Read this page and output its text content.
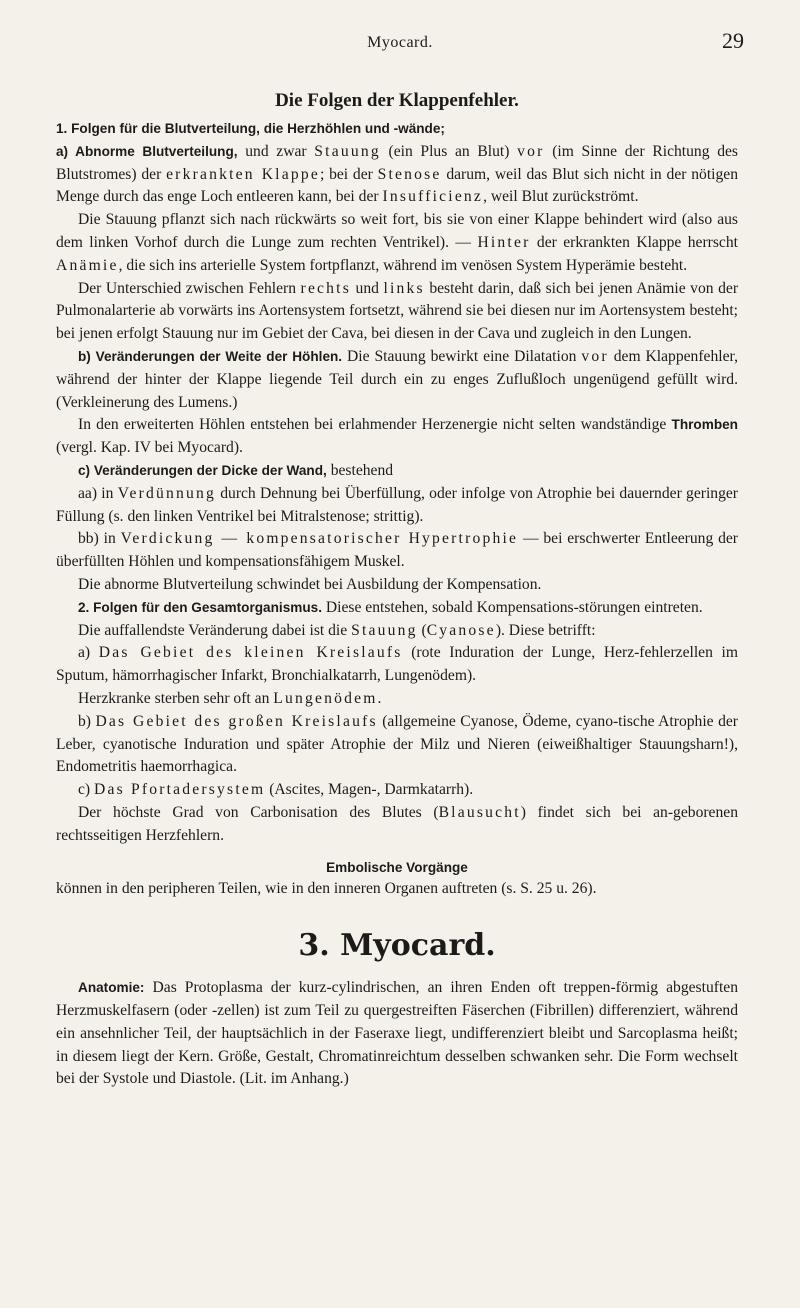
Myocard.	29
Die Folgen der Klappenfehler.

1. Folgen für die Blutverteilung, die Herzhöhlen und -wände;

a) Abnorme Blutverteilung, und zwar Stauung (ein Plus an Blut) vor (im Sinne der Richtung des Blutstromes) der erkrankten Klappe; bei der Stenose darum, weil das Blut sich nicht in der nötigen Menge durch das enge Loch entleeren kann, bei der Insufficienz, weil Blut zurückströmt.

Die Stauung pflanzt sich nach rückwärts so weit fort, bis sie von einer Klappe behindert wird (also aus dem linken Vorhof durch die Lunge zum rechten Ventrikel). — Hinter der erkrankten Klappe herrscht Anämie, die sich ins arterielle System fortpflanzt, während im venösen System Hyperämie besteht.

Der Unterschied zwischen Fehlern rechts und links besteht darin, daß sich bei jenen Anämie von der Pulmonalarterie ab vorwärts ins Aortensystem fortsetzt, während sie bei diesen nur im Aortensystem besteht; bei jenen erfolgt Stauung nur im Gebiet der Cava, bei diesen in der Cava und zugleich in den Lungen.

b) Veränderungen der Weite der Höhlen. Die Stauung bewirkt eine Dilatation vor dem Klappenfehler, während der hinter der Klappe liegende Teil durch ein zu enges Zuflußloch ungenügend gefüllt wird. (Verkleinerung des Lumens.)

In den erweiterten Höhlen entstehen bei erlahmender Herzenergie nicht selten wandständige Thromben (vergl. Kap. IV bei Myocard).

c) Veränderungen der Dicke der Wand, bestehend

aa) in Verdünnung durch Dehnung bei Überfüllung, oder infolge von Atrophie bei dauernder geringer Füllung (s. den linken Ventrikel bei Mitralstenose; strittig).

bb) in Verdickung — kompensatorischer Hypertrophie — bei erschwerter Entleerung der überfüllten Höhlen und kompensationsfähigem Muskel.

Die abnorme Blutverteilung schwindet bei Ausbildung der Kompensation.

2. Folgen für den Gesamtorganismus. Diese entstehen, sobald Kompensations-störungen eintreten.

Die auffallendste Veränderung dabei ist die Stauung (Cyanose). Diese betrifft:

a) Das Gebiet des kleinen Kreislaufs (rote Induration der Lunge, Herz-fehlerzellen im Sputum, hämorrhagischer Infarkt, Bronchialkatarrh, Lungenödem).

Herzkranke sterben sehr oft an Lungenödem.

b) Das Gebiet des großen Kreislaufs (allgemeine Cyanose, Ödeme, cyano-tische Atrophie der Leber, cyanotische Induration und später Atrophie der Milz und Nieren (eiweißhaltiger Stauungsharn!), Endometritis haemorrhagica.

c) Das Pfortadersystem (Ascites, Magen-, Darmkatarrh).

Der höchste Grad von Carbonisation des Blutes (Blausucht) findet sich bei an-geborenen rechtsseitigen Herzfehlern.

Embolische Vorgänge

können in den peripheren Teilen, wie in den inneren Organen auftreten (s. S. 25 u. 26).

3. Myocard.

Anatomie: Das Protoplasma der kurz-cylindrischen, an ihren Enden oft treppen-förmig abgestuften Herzmuskelfasern (oder -zellen) ist zum Teil zu quergestreiften Fäserchen (Fibrillen) differenziert, während ein ansehnlicher Teil, der hauptsächlich in der Faseraxe liegt, undifferenziert bleibt und Sarcoplasma heißt; in diesem liegt der Kern. Größe, Gestalt, Chromatinreichtum desselben schwanken sehr. Die Form wechselt bei der Systole und Diastole. (Lit. im Anhang.)
